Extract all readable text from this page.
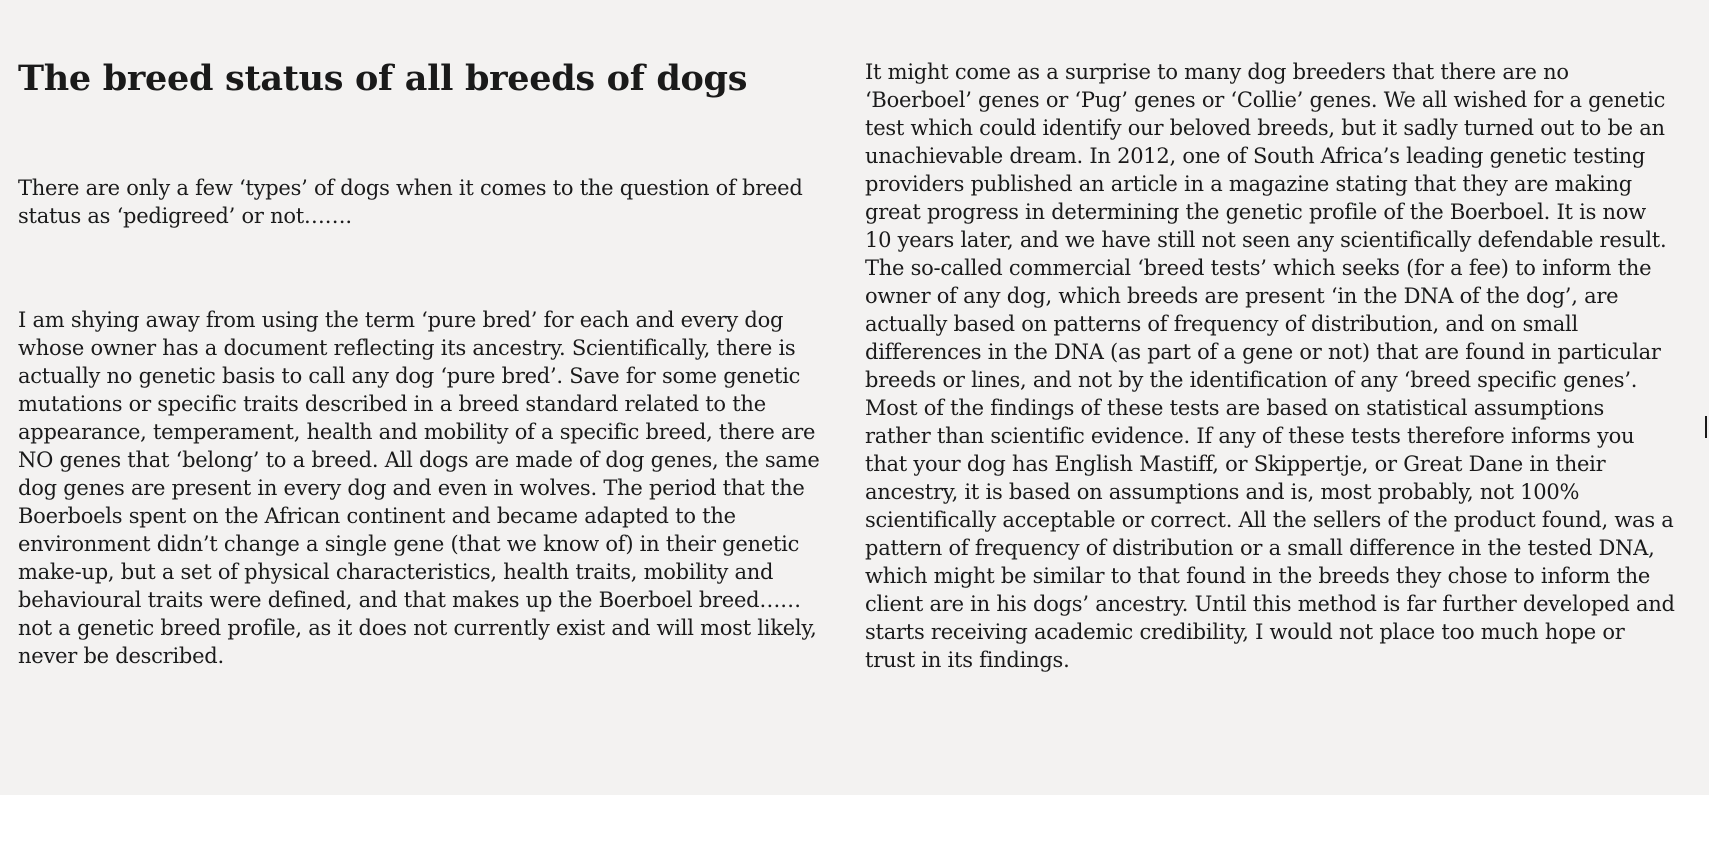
The breed status of all breeds of dogs

There are only a few ‘types’ of dogs when it comes to the question of breed status as ‘pedigreed’ or not…….

I am shying away from using the term ‘pure bred’ for each and every dog whose owner has a document reflecting its ancestry. Scientifically, there is actually no genetic basis to call any dog ‘pure bred’. Save for some genetic mutations or specific traits described in a breed standard related to the appearance, temperament, health and mobility of a specific breed, there are NO genes that ‘belong’ to a breed. All dogs are made of dog genes, the same dog genes are present in every dog and even in wolves. The period that the Boerboels spent on the African continent and became adapted to the environment didn’t change a single gene (that we know of) in their genetic make-up, but a set of physical characteristics, health traits, mobility and behavioural traits were defined, and that makes up the Boerboel breed…… not a genetic breed profile, as it does not currently exist and will most likely, never be described.

It might come as a surprise to many dog breeders that there are no ‘Boerboel’ genes or ‘Pug’ genes or ‘Collie’ genes. We all wished for a genetic test which could identify our beloved breeds, but it sadly turned out to be an unachievable dream. In 2012, one of South Africa’s leading genetic testing providers published an article in a magazine stating that they are making great progress in determining the genetic profile of the Boerboel. It is now 10 years later, and we have still not seen any scientifically defendable result. The so-called commercial ‘breed tests’ which seeks (for a fee) to inform the owner of any dog, which breeds are present ‘in the DNA of the dog’, are actually based on patterns of frequency of distribution, and on small differences in the DNA (as part of a gene or not) that are found in particular breeds or lines, and not by the identification of any ‘breed specific genes’. Most of the findings of these tests are based on statistical assumptions rather than scientific evidence. If any of these tests therefore informs you that your dog has English Mastiff, or Skippertje, or Great Dane in their ancestry, it is based on assumptions and is, most probably, not 100% scientifically acceptable or correct. All the sellers of the product found, was a pattern of frequency of distribution or a small difference in the tested DNA, which might be similar to that found in the breeds they chose to inform the client are in his dogs’ ancestry. Until this method is far further developed and starts receiving academic credibility, I would not place too much hope or trust in its findings.
